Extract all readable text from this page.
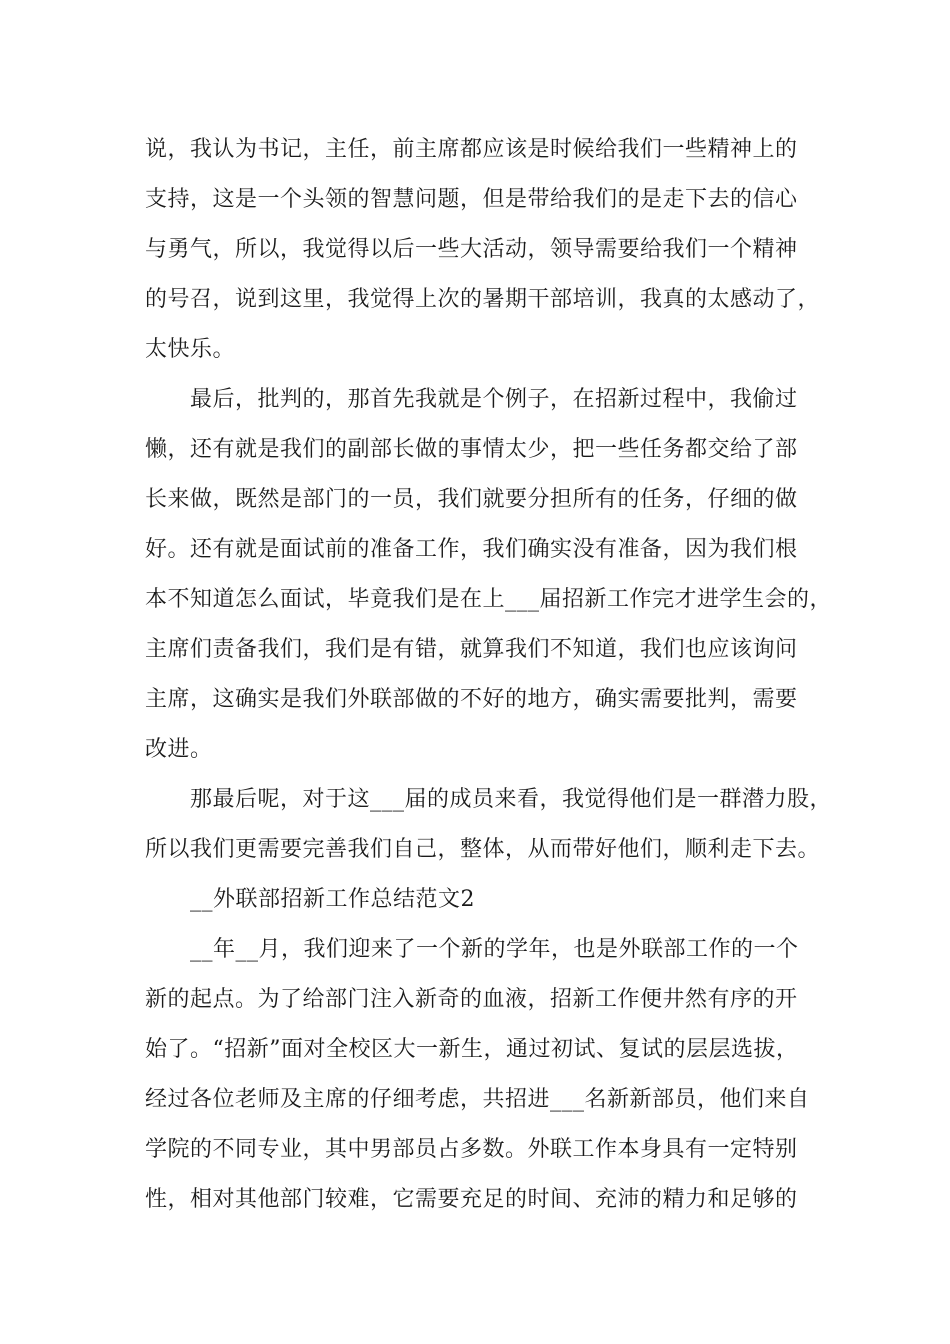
说，我认为书记，主任，前主席都应该是时候给我们一些精神上的
支持，这是一个头领的智慧问题，但是带给我们的是走下去的信心
与勇气，所以，我觉得以后一些大活动，领导需要给我们一个精神
的号召，说到这里，我觉得上次的暑期干部培训，我真的太感动了，
太快乐。
最后，批判的，那首先我就是个例子，在招新过程中，我偷过
懒，还有就是我们的副部长做的事情太少，把一些任务都交给了部
长来做，既然是部门的一员，我们就要分担所有的任务，仔细的做
好。还有就是面试前的准备工作，我们确实没有准备，因为我们根
本不知道怎么面试，毕竟我们是在上___届招新工作完才进学生会的，
主席们责备我们，我们是有错，就算我们不知道，我们也应该询问
主席，这确实是我们外联部做的不好的地方，确实需要批判，需要
改进。
那最后呢，对于这___届的成员来看，我觉得他们是一群潜力股，
所以我们更需要完善我们自己，整体，从而带好他们，顺利走下去。
__外联部招新工作总结范文2
__年__月，我们迎来了一个新的学年，也是外联部工作的一个
新的起点。为了给部门注入新奇的血液，招新工作便井然有序的开
始了。“招新”面对全校区大一新生，通过初试、复试的层层选拔，
经过各位老师及主席的仔细考虑，共招进___名新新部员，他们来自
学院的不同专业，其中男部员占多数。外联工作本身具有一定特别
性，相对其他部门较难，它需要充足的时间、充沛的精力和足够的
